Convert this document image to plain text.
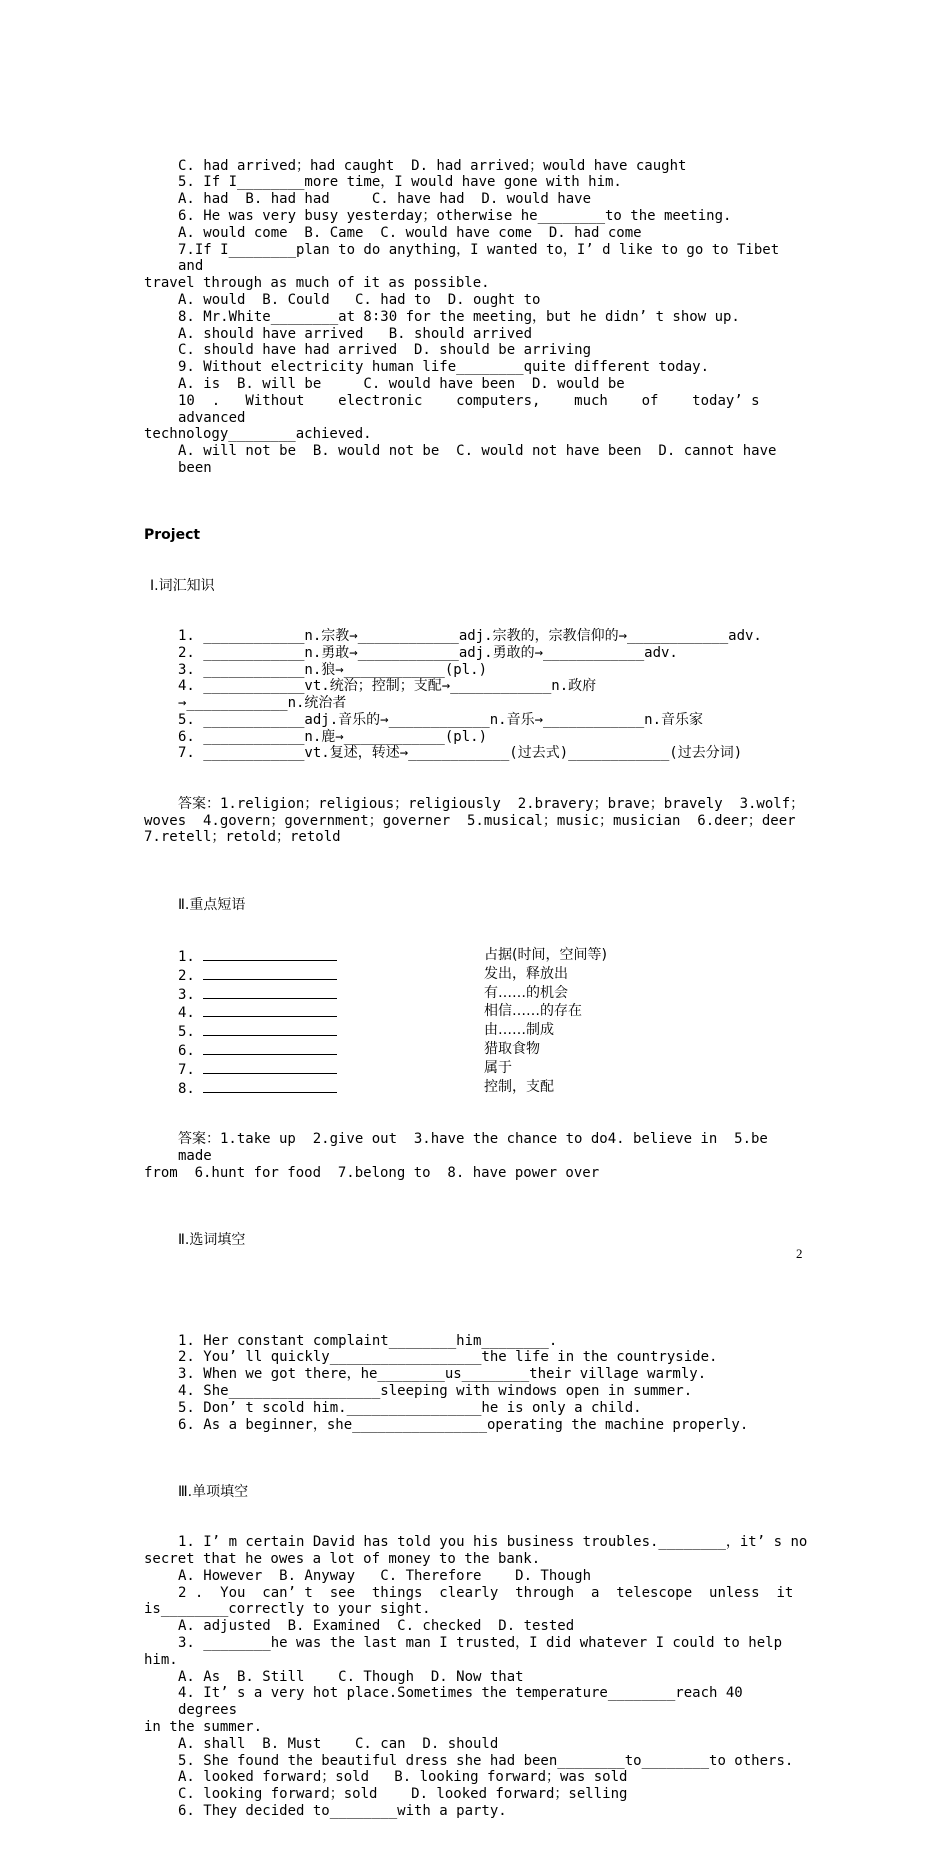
C. had arrived；had caught  D. had arrived；would have caught
5. If I________more time，I would have gone with him.
A. had  B. had had     C. have had  D. would have
6. He was very busy yesterday；otherwise he________to the meeting.
A. would come  B. Came  C. would have come  D. had come
7.If I________plan to do anything，I wanted to，I’ d like to go to Tibet and
travel through as much of it as possible.
A. would  B. Could   C. had to  D. ought to
8. Mr.White________at 8∶30 for the meeting，but he didn’ t show up.
A. should have arrived   B. should arrived
C. should have had arrived  D. should be arriving
9. Without electricity human life________quite different today.
A. is  B. will be     C. would have been  D. would be
10  .   Without    electronic    computers,    much    of    today’ s    advanced
technology________achieved.
A. will not be  B. would not be  C. would not have been  D. cannot have been

Project

Ⅰ.词汇知识

1. ____________n.宗教→____________adj.宗教的，宗教信仰的→____________adv.
2. ____________n.勇敢→____________adj.勇敢的→____________adv.
3. ____________n.狼→____________(pl.)
4. ____________vt.统治；控制；支配→____________n.政府
→____________n.统治者
5. ____________adj.音乐的→____________n.音乐→____________n.音乐家
6. ____________n.鹿→____________(pl.)
7. ____________vt.复述，转述→____________(过去式)____________(过去分词)

答案：1.religion；religious；religiously  2.bravery；brave；bravely  3.wolf；
woves  4.govern；government；governer  5.musical；music；musician  6.deer；deer
7.retell；retold；retold

Ⅱ.重点短语

1.	占据(时间，空间等)
2.	发出，释放出
3.	有……的机会
4.	相信……的存在
5.	由……制成
6.	猎取食物
7.	属于
8.	控制，支配

答案：1.take up  2.give out  3.have the chance to do4. believe in  5.be made
from  6.hunt for food  7.belong to  8. have power over

Ⅱ.选词填空

1. Her constant complaint________him________.
2. You’ ll quickly__________________the life in the countryside.
3. When we got there，he________us________their village warmly.
4. She__________________sleeping with windows open in summer.
5. Don’ t scold him.________________he is only a child.
6. As a beginner，she________________operating the machine properly.

Ⅲ.单项填空

1. I’ m certain David has told you his business troubles.________，it’ s no
secret that he owes a lot of money to the bank.
A. However  B. Anyway   C. Therefore    D. Though
2 .  You  can’ t  see  things  clearly  through  a  telescope  unless  it
is________correctly to your sight.
A. adjusted  B. Examined  C. checked  D. tested
3. ________he was the last man I trusted，I did whatever I could to help
him.
A. As  B. Still    C. Though  D. Now that
4. It’ s a very hot place.Sometimes the temperature________reach 40 degrees
in the summer.
A. shall  B. Must    C. can  D. should
5. She found the beautiful dress she had been________to________to others.
A. looked forward；sold   B. looking forward；was sold
C. looking forward；sold    D. looked forward；selling
6. They decided to________with a party.

2
